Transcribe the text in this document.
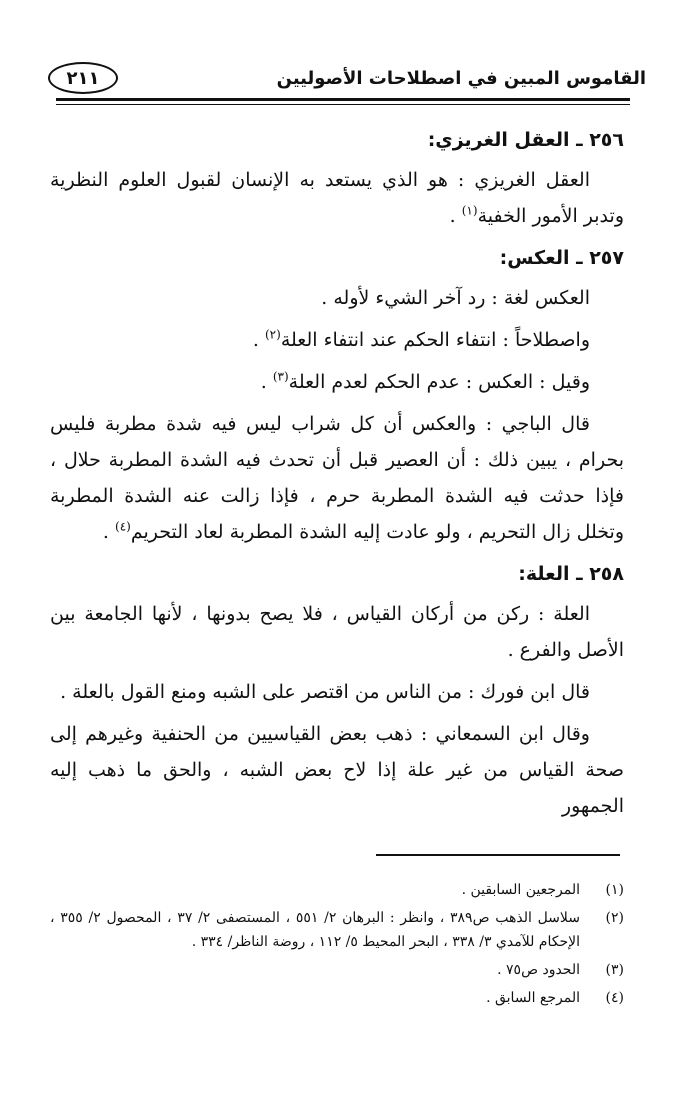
القاموس المبين في اصطلاحات الأصوليين
٢١١
٢٥٦ ـ العقل الغريزي:

العقل الغريزي : هو الذي يستعد به الإنسان لقبول العلوم النظرية وتدبر الأمور الخفية$^{(١)}$ .

٢٥٧ ـ العكس:

العكس لغة : رد آخر الشيء لأوله .

واصطلاحاً : انتفاء الحكم عند انتفاء العلة$^{(٢)}$ .

وقيل : العكس : عدم الحكم لعدم العلة$^{(٣)}$ .

قال الباجي : والعكس أن كل شراب ليس فيه شدة مطربة فليس بحرام ، يبين ذلك : أن العصير قبل أن تحدث فيه الشدة المطربة حلال ، فإذا حدثت فيه الشدة المطربة حرم ، فإذا زالت عنه الشدة المطربة وتخلل زال التحريم ، ولو عادت إليه الشدة المطربة لعاد التحريم$^{(٤)}$ .

٢٥٨ ـ العلة:

العلة : ركن من أركان القياس ، فلا يصح بدونها ، لأنها الجامعة بين الأصل والفرع .

قال ابن فورك : من الناس من اقتصر على الشبه ومنع القول بالعلة .

وقال ابن السمعاني : ذهب بعض القياسيين من الحنفية وغيرهم إلى صحة القياس من غير علة إذا لاح بعض الشبه ، والحق ما ذهب إليه الجمهور

(١)
المرجعين السابقين .
(٢)
سلاسل الذهب ص٣٨٩ ، وانظر : البرهان ٢/ ٥٥١ ، المستصفى ٢/ ٣٧ ، المحصول ٢/ ٣٥٥ ، الإحكام للآمدي ٣/ ٣٣٨ ، البحر المحيط ٥/ ١١٢ ، روضة الناظر/ ٣٣٤ .
(٣)
الحدود ص٧٥ .
(٤)
المرجع السابق .
